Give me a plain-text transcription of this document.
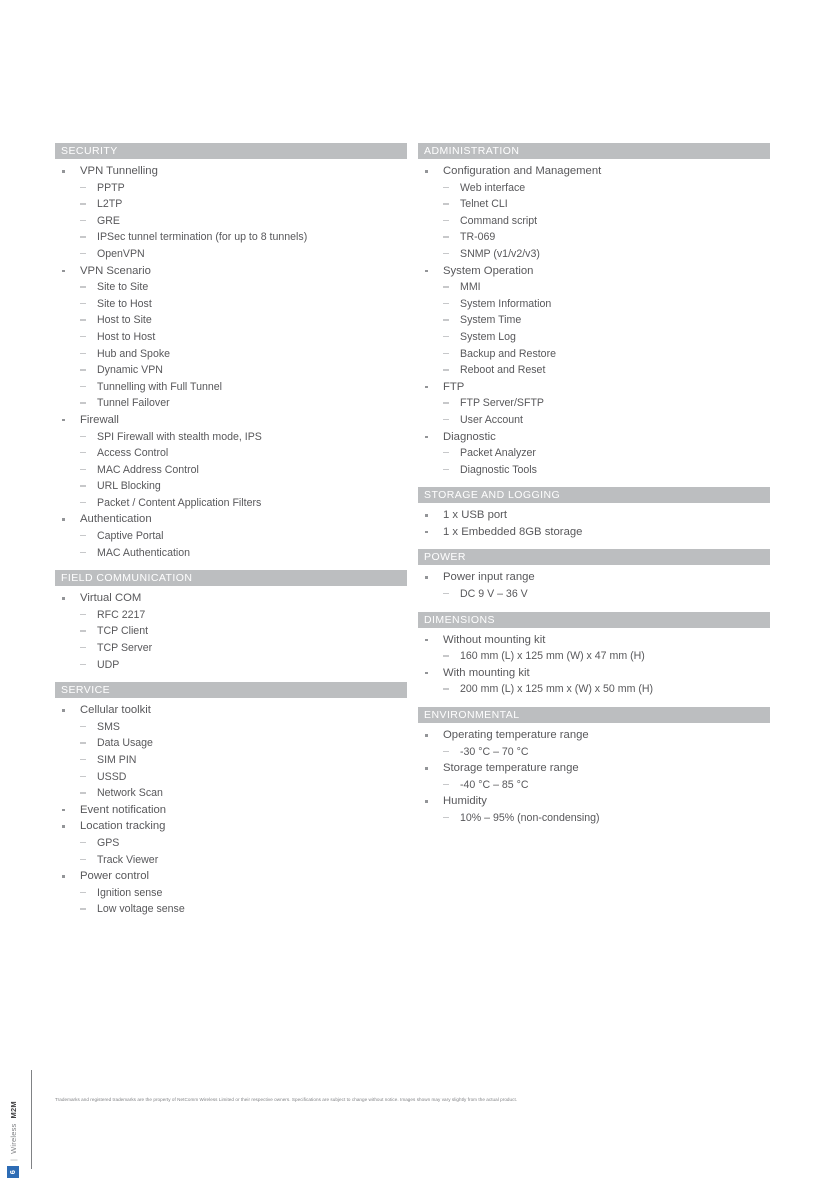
SECURITY
VPN Tunnelling
PPTP
L2TP
GRE
IPSec tunnel termination (for up to 8 tunnels)
OpenVPN
VPN Scenario
Site to Site
Site to Host
Host to Site
Host to Host
Hub and Spoke
Dynamic VPN
Tunnelling with Full Tunnel
Tunnel Failover
Firewall
SPI Firewall with stealth mode, IPS
Access Control
MAC Address Control
URL Blocking
Packet / Content Application Filters
Authentication
Captive Portal
MAC Authentication
FIELD COMMUNICATION
Virtual COM
RFC 2217
TCP Client
TCP Server
UDP
SERVICE
Cellular toolkit
SMS
Data Usage
SIM PIN
USSD
Network Scan
Event notification
Location tracking
GPS
Track Viewer
Power control
Ignition sense
Low voltage sense
ADMINISTRATION
Configuration and Management
Web interface
Telnet CLI
Command script
TR-069
SNMP (v1/v2/v3)
System Operation
MMI
System Information
System Time
System Log
Backup and Restore
Reboot and Reset
FTP
FTP Server/SFTP
User Account
Diagnostic
Packet Analyzer
Diagnostic Tools
STORAGE AND LOGGING
1 x USB port
1 x Embedded 8GB storage
POWER
Power input range
DC 9 V – 36 V
DIMENSIONS
Without mounting kit
160 mm (L) x 125 mm (W) x 47 mm (H)
With mounting kit
200 mm (L) x 125 mm x (W) x 50 mm (H)
ENVIRONMENTAL
Operating temperature range
-30 °C – 70 °C
Storage temperature range
-40 °C – 85 °C
Humidity
10% – 95% (non-condensing)
6
|
Wireless
M2M
Trademarks and registered trademarks are the property of NetComm Wireless Limited or their respective owners. Specifications are subject to change without notice. Images shown may vary slightly from the actual product.
